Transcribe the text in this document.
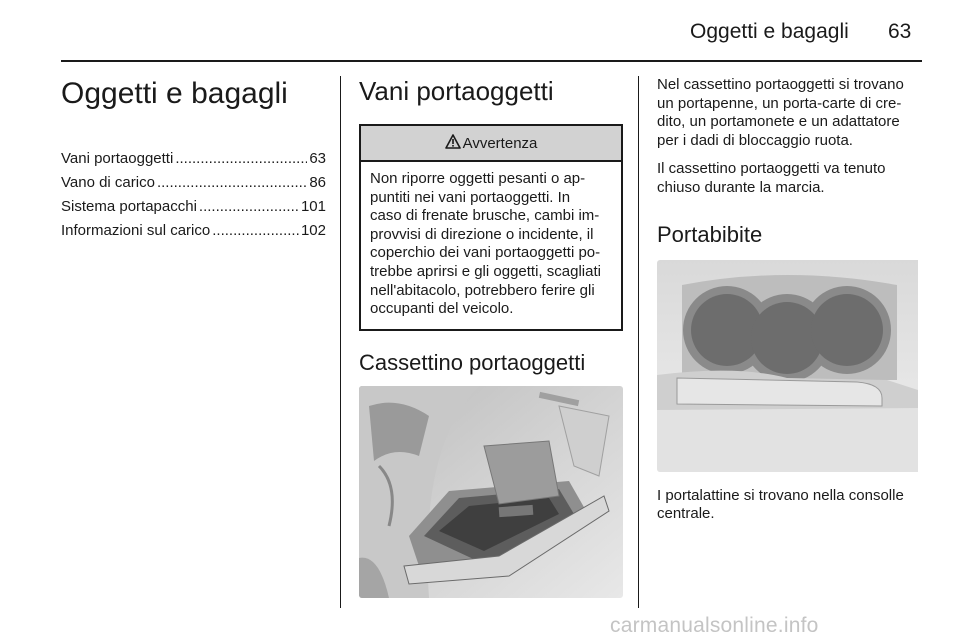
Oggetti e bagagli 63
Oggetti e bagagli
Vani portaoggetti .....	63
Vano di carico .....	86
Sistema portapacchi .....	101
Informazioni sul carico .....	102
Vani portaoggetti
Avvertenza
Non riporre oggetti pesanti o ap-
puntiti nei vani portaoggetti. In
caso di frenate brusche, cambi im-
provvisi di direzione o incidente, il
coperchio dei vani portaoggetti po-
trebbe aprirsi e gli oggetti, scagliati
nell'abitacolo, potrebbero ferire gli
occupanti del veicolo.
Cassettino portaoggetti

Nel cassettino portaoggetti si trovano
un portapenne, un porta-carte di cre-
dito, un portamonete e un adattatore
per i dadi di bloccaggio ruota.

Il cassettino portaoggetti va tenuto
chiuso durante la marcia.

Portabibite

I portalattine si trovano nella consolle
centrale.

carmanualsonline.info
